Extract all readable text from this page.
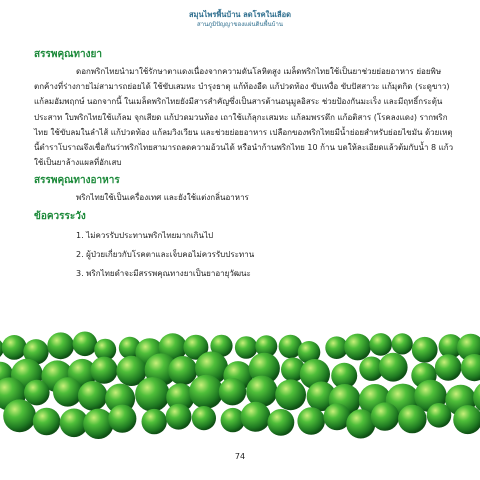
สมุนไพรพื้นบ้าน ลดโรคในเลือด
สานภูมิปัญญาของแผ่นดินพื้นบ้าน
สรรพคุณทางยา

ดอกพริกไทยนำมาใช้รักษาตาแดงเนื่องจากความดันโลหิตสูง เมล็ดพริกไทยใช้เป็นยาช่วยย่อยอาหาร ย่อยพิษตกค้างที่ร่างกายไม่สามารถย่อยได้ ใช้ขับเสมหะ บำรุงธาตุ แก้ท้องอืด แก้ปวดท้อง ขับเหงื่อ ขับปัสสาวะ แก้มุตกิด (ระดูขาว) แก้ลมอัมพฤกษ์ นอกจากนี้ ในเมล็ดพริกไทยยังมีสารสำคัญซึ่งเป็นสารต้านอนุมูลอิสระ ช่วยป้องกันมะเร็ง และมีฤทธิ์กระตุ้นประสาท ใบพริกไทยใช้แก้ลม จุกเสียด แก้ปวดมวนท้อง เถาใช้แก้ลุกะเสมหะ แก้ลมพรรดึก แก้อติสาร (โรคลงแดง) รากพริกไทย ใช้ขับลมในลำไส้ แก้ปวดท้อง แก้ลมวิงเวียน และช่วยย่อยอาหาร เปลือกของพริกไทยมีน้ำย่อยสำหรับย่อยไขมัน ด้วยเหตุนี้ตำราโบราณจึงเชื่อกันว่าพริกไทยสามารถลดความอ้วนได้ หรือนำก้านพริกไทย 10 ก้าน บดให้ละเอียดแล้วต้มกับน้ำ 8 แก้ว ใช้เป็นยาล้างแผลที่อักเสบ

สรรพคุณทางอาหาร

พริกไทยใช้เป็นเครื่องเทศ และยังใช้แต่งกลิ่นอาหาร

ข้อควรระวัง
1. ไม่ควรรับประทานพริกไทยมากเกินไป
2. ผู้ป่วยเกี่ยวกับโรคตาและเจ็บคอไม่ควรรับประทาน
3. พริกไทยดำจะมีสรรพคุณทางยาเป็นยาอายุวัฒนะ
74
